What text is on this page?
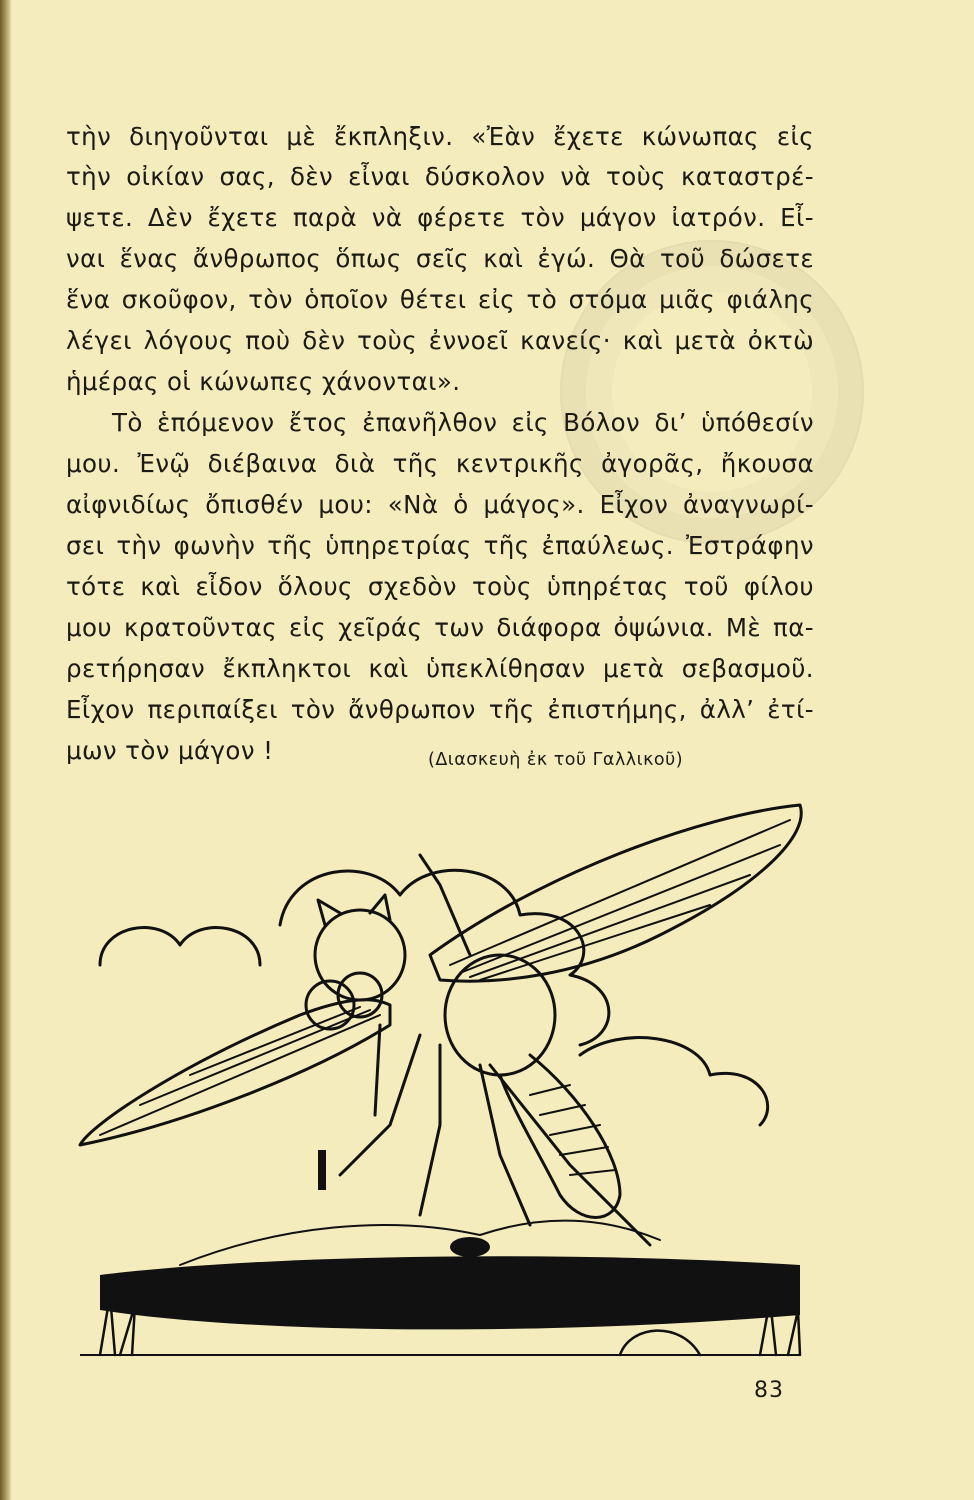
τὴν διηγοῦνται μὲ ἔκπληξιν. «Ἐὰν ἔχετε κώνωπας εἰς
τὴν οἰκίαν σας, δὲν εἶναι δύσκολον νὰ τοὺς καταστρέ-
ψετε. Δὲν ἔχετε παρὰ νὰ φέρετε τὸν μάγον ἰατρόν. Εἶ-
ναι ἕνας ἄνθρωπος ὅπως σεῖς καὶ ἐγώ. Θὰ τοῦ δώσετε
ἕνα σκοῦφον, τὸν ὁποῖον θέτει εἰς τὸ στόμα μιᾶς φιάλης
λέγει λόγους ποὺ δὲν τοὺς ἐννοεῖ κανείς· καὶ μετὰ ὀκτὼ
ἡμέρας οἱ κώνωπες χάνονται».
Τὸ ἑπόμενον ἔτος ἐπανῆλθον εἰς Βόλον δι’ ὑπόθεσίν
μου. Ἐνῷ διέβαινα διὰ τῆς κεντρικῆς ἀγορᾶς, ἤκουσα
αἰφνιδίως ὄπισθέν μου: «Νὰ ὁ μάγος». Εἶχον ἀναγνωρί-
σει τὴν φωνὴν τῆς ὑπηρετρίας τῆς ἐπαύλεως. Ἐστράφην
τότε καὶ εἶδον ὅλους σχεδὸν τοὺς ὑπηρέτας τοῦ φίλου
μου κρατοῦντας εἰς χεῖράς των διάφορα ὀψώνια. Μὲ πα-
ρετήρησαν ἔκπληκτοι καὶ ὑπεκλίθησαν μετὰ σεβασμοῦ.
Εἶχον περιπαίξει τὸν ἄνθρωπον τῆς ἐπιστήμης, ἀλλ’ ἐτί-
μων τὸν μάγον !	(Διασκευὴ ἐκ τοῦ Γαλλικοῦ)
83
